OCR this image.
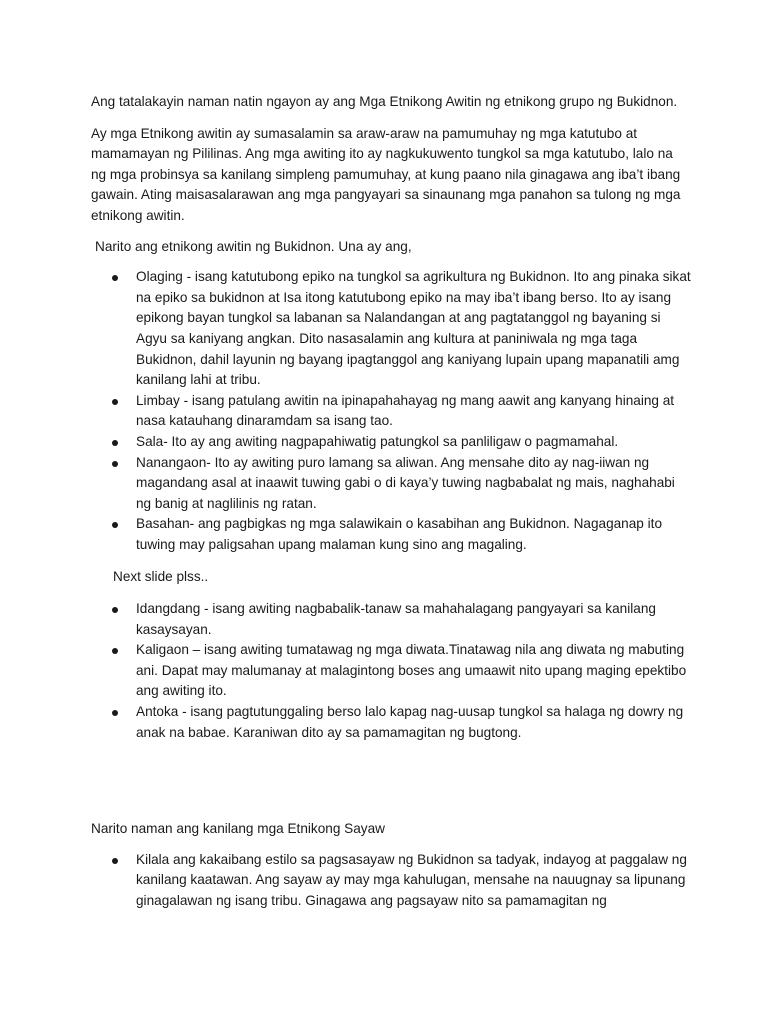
Ang tatalakayin naman natin ngayon ay ang Mga Etnikong Awitin ng etnikong grupo ng Bukidnon.

Ay mga Etnikong awitin ay sumasalamin sa araw-araw na pamumuhay ng mga katutubo at mamamayan ng Pililinas. Ang mga awiting ito ay nagkukuwento tungkol sa mga katutubo, lalo na ng mga probinsya sa kanilang simpleng pamumuhay, at kung paano nila ginagawa ang iba’t ibang gawain. Ating maisasalarawan ang mga pangyayari sa sinaunang mga panahon sa tulong ng mga etnikong awitin.

Narito ang etnikong awitin ng Bukidnon. Una ay ang,

Olaging - isang katutubong epiko na tungkol sa agrikultura ng Bukidnon. Ito ang pinaka sikat na epiko sa bukidnon at Isa itong katutubong epiko na may iba’t ibang berso. Ito ay isang epikong bayan tungkol sa labanan sa Nalandangan at ang pagtatanggol ng bayaning si Agyu sa kaniyang angkan. Dito nasasalamin ang kultura at paniniwala ng mga taga Bukidnon, dahil layunin ng bayang ipagtanggol ang kaniyang lupain upang mapanatili amg kanilang lahi at tribu.
Limbay - isang patulang awitin na ipinapahahayag ng mang aawit ang kanyang hinaing at nasa katauhang dinaramdam sa isang tao.
Sala- Ito ay ang awiting nagpapahiwatig patungkol sa panliligaw o pagmamahal.
Nanangaon- Ito ay awiting puro lamang sa aliwan. Ang mensahe dito ay nag-iiwan ng magandang asal at inaawit tuwing gabi o di kaya’y tuwing nagbabalat ng mais, naghahabi ng banig at naglilinis ng ratan.
Basahan- ang pagbigkas ng mga salawikain o kasabihan ang Bukidnon. Nagaganap ito tuwing may paligsahan upang malaman kung sino ang magaling.

Next slide plss..

Idangdang - isang awiting nagbabalik-tanaw sa mahahalagang pangyayari sa kanilang kasaysayan.
Kaligaon – isang awiting tumatawag ng mga diwata.Tinatawag nila ang diwata ng mabuting ani. Dapat may malumanay at malagintong boses ang umaawit nito upang maging epektibo ang awiting ito.
Antoka - isang pagtutunggaling berso lalo kapag nag-uusap tungkol sa halaga ng dowry ng anak na babae. Karaniwan dito ay sa pamamagitan ng bugtong.

Narito naman ang kanilang mga Etnikong Sayaw

Kilala ang kakaibang estilo sa pagsasayaw ng Bukidnon sa tadyak, indayog at paggalaw ng kanilang kaatawan. Ang sayaw ay may mga kahulugan, mensahe na nauugnay sa lipunang ginagalawan ng isang tribu. Ginagawa ang pagsayaw nito sa pamamagitan ng
